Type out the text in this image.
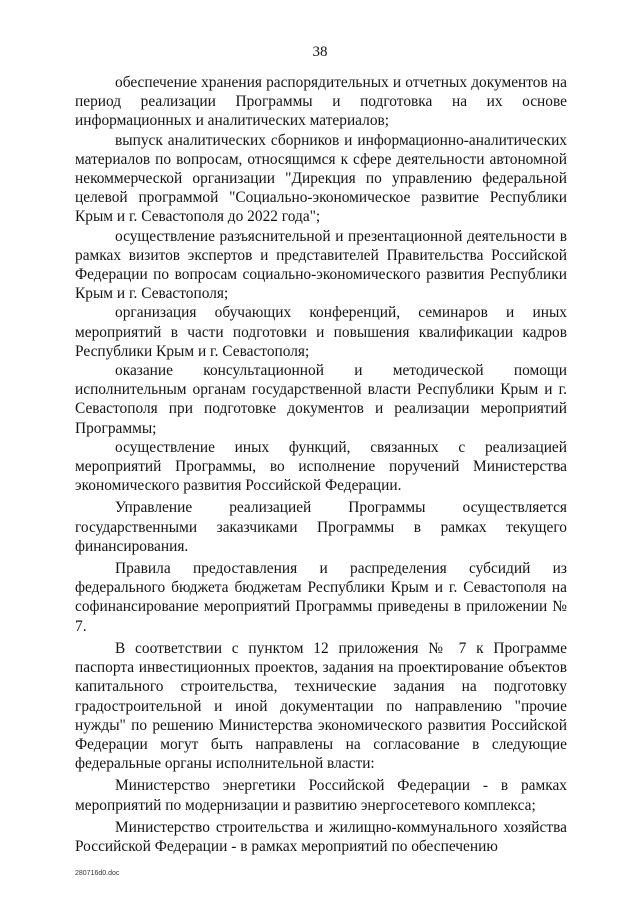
38

обеспечение хранения распорядительных и отчетных документов на период реализации Программы и подготовка на их основе информационных и аналитических материалов;

выпуск аналитических сборников и информационно-аналитических материалов по вопросам, относящимся к сфере деятельности автономной некоммерческой организации "Дирекция по управлению федеральной целевой программой "Социально-экономическое развитие Республики Крым и г. Севастополя до 2022 года";

осуществление разъяснительной и презентационной деятельности в рамках визитов экспертов и представителей Правительства Российской Федерации по вопросам социально-экономического развития Республики Крым и г. Севастополя;

организация обучающих конференций, семинаров и иных мероприятий в части подготовки и повышения квалификации кадров Республики Крым и г. Севастополя;

оказание консультационной и методической помощи исполнительным органам государственной власти Республики Крым и г. Севастополя при подготовке документов и реализации мероприятий Программы;

осуществление иных функций, связанных с реализацией мероприятий Программы, во исполнение поручений Министерства экономического развития Российской Федерации.

Управление реализацией Программы осуществляется государственными заказчиками Программы в рамках текущего финансирования.

Правила предоставления и распределения субсидий из федерального бюджета бюджетам Республики Крым и г. Севастополя на софинансирование мероприятий Программы приведены в приложении № 7.

В соответствии с пунктом 12 приложения № 7 к Программе паспорта инвестиционных проектов, задания на проектирование объектов капитального строительства, технические задания на подготовку градостроительной и иной документации по направлению "прочие нужды" по решению Министерства экономического развития Российской Федерации могут быть направлены на согласование в следующие федеральные органы исполнительной власти:

Министерство энергетики Российской Федерации - в рамках мероприятий по модернизации и развитию энергосетевого комплекса;

Министерство строительства и жилищно-коммунального хозяйства Российской Федерации - в рамках мероприятий по обеспечению

280716d0.doc
